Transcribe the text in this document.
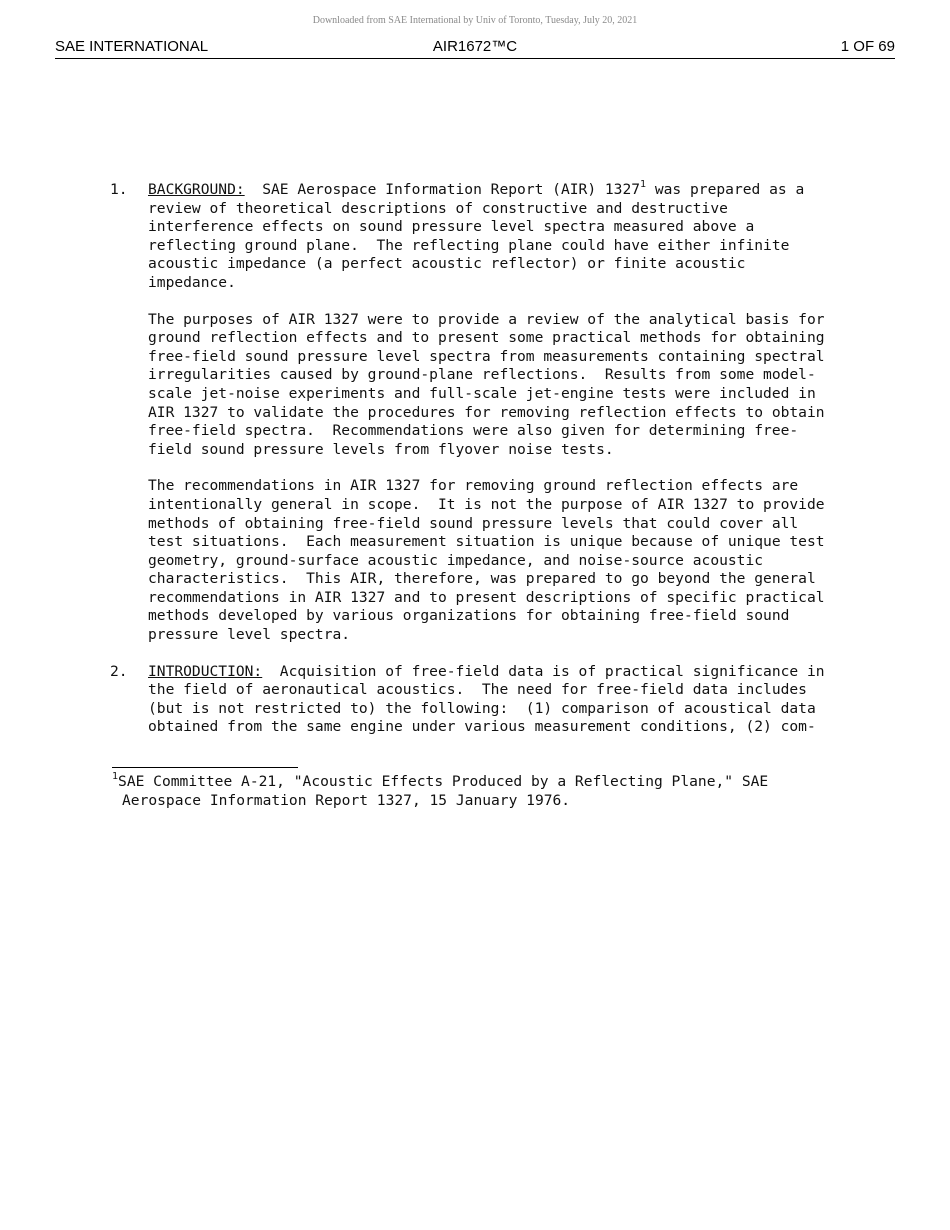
Downloaded from SAE International by Univ of Toronto, Tuesday, July 20, 2021
SAE INTERNATIONAL	AIR1672™C	1 OF 69
1.	BACKGROUND:  SAE Aerospace Information Report (AIR) 1327$^1$ was prepared as a

review of theoretical descriptions of constructive and destructive

interference effects on sound pressure level spectra measured above a

reflecting ground plane.  The reflecting plane could have either infinite

acoustic impedance (a perfect acoustic reflector) or finite acoustic

impedance.

The purposes of AIR 1327 were to provide a review of the analytical basis for

ground reflection effects and to present some practical methods for obtaining

free-field sound pressure level spectra from measurements containing spectral

irregularities caused by ground-plane reflections.  Results from some model-

scale jet-noise experiments and full-scale jet-engine tests were included in

AIR 1327 to validate the procedures for removing reflection effects to obtain

free-field spectra.  Recommendations were also given for determining free-

field sound pressure levels from flyover noise tests.

The recommendations in AIR 1327 for removing ground reflection effects are

intentionally general in scope.  It is not the purpose of AIR 1327 to provide

methods of obtaining free-field sound pressure levels that could cover all

test situations.  Each measurement situation is unique because of unique test

geometry, ground-surface acoustic impedance, and noise-source acoustic

characteristics.  This AIR, therefore, was prepared to go beyond the general

recommendations in AIR 1327 and to present descriptions of specific practical

methods developed by various organizations for obtaining free-field sound

pressure level spectra.

2.	INTRODUCTION:  Acquisition of free-field data is of practical significance in

the field of aeronautical acoustics.  The need for free-field data includes

(but is not restricted to) the following:  (1) comparison of acoustical data

obtained from the same engine under various measurement conditions, (2) com-

$^1$SAE Committee A-21, "Acoustic Effects Produced by a Reflecting Plane," SAE

Aerospace Information Report 1327, 15 January 1976.
